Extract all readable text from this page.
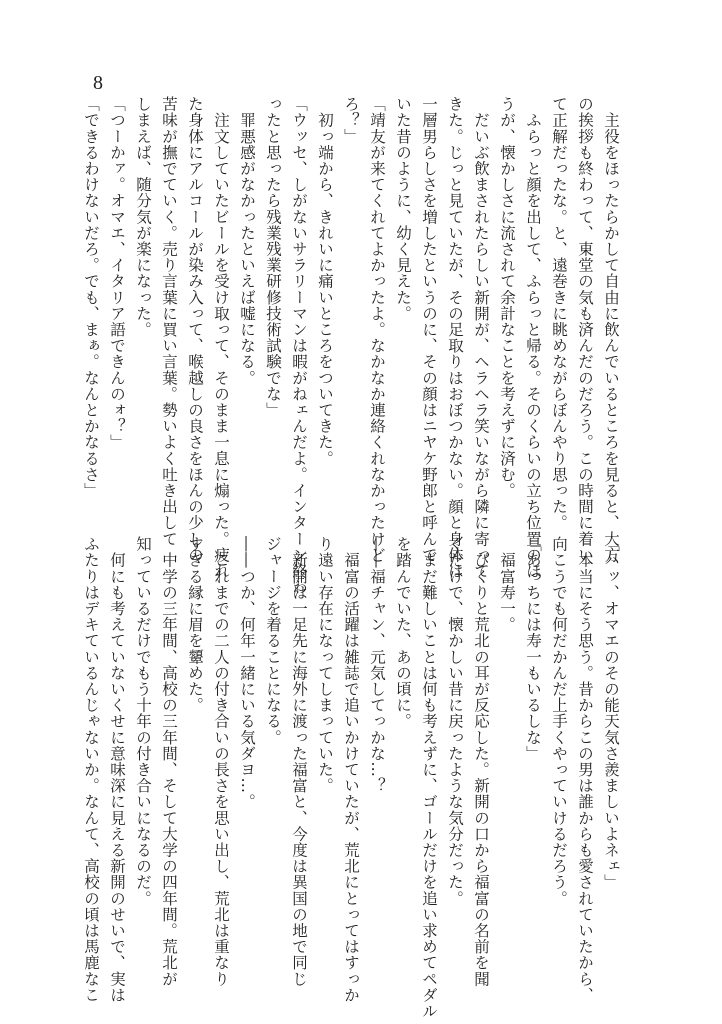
8
　主役をほったらかして自由に飲んでいるところを見ると、大方
の挨拶も終わって、東堂の気も済んだのだろう。この時間に着い
て正解だったな。と、遠巻きに眺めながらぼんやり思った。
　ふらっと顔を出して、ふらっと帰る。そのくらいの立ち位置のほ
うが、懐かしさに流されて余計なことを考えずに済む。
　だいぶ飲まされたらしい新開が、ヘラヘラ笑いながら隣に寄って
きた。じっと見ていたが、その足取りはおぼつかない。顔と身体は
一層男らしさを増したというのに、その顔はニヤケ野郎と呼んで
いた昔のように、幼く見えた。
「靖友が来てくれてよかったよ。なかなか連絡くれなかったけど
ろ？」
　初っ端から、きれいに痛いところをついてきた。
「ウッセ、しがないサラリーマンは暇がねェんだよ。インターン終わ
ったと思ったら残業残業研修技術試験でな」
　罪悪感がなかったといえば嘘になる。
　注文していたビールを受け取って、そのまま一息に煽った。疲れ
た身体にアルコールが染み入って、喉越しの良さをほんの少しの
苦味が撫でていく。売り言葉に買い言葉。勢いよく吐き出して
しまえば、随分気が楽になった。
「つーかァ。オマエ、イタリア語できんのォ？」
「できるわけないだろ。でも、まぁ。なんとかなるさ」
「ハッ、オマエのその能天気さ羨ましいよネェ」
　本当にそう思う。昔からこの男は誰からも愛されていたから、
向こうでも何だかんだ上手くやっていけるだろう。
「あっちには寿一もいるしな」
　福富寿一。
　ぴくりと荒北の耳が反応した。新開の口から福富の名前を聞
くだけで、懐かしい昔に戻ったような気分だった。
　まだ難しいことは何も考えずに、ゴールだけを追い求めてペダル
を踏んでいた、あの頃に。
――福チャン、元気してっかな…？
　福富の活躍は雑誌で追いかけていたが、荒北にとってはすっか
り遠い存在になってしまっていた。
　新開は一足先に海外に渡った福富と、今度は異国の地で同じ
ジャージを着ることになる。
――つか、何年一緒にいる気ダヨ…。
　これまでの二人の付き合いの長さを思い出し、荒北は重なり
すぎる縁に眉を顰めた。
　中学の三年間、高校の三年間、そして大学の四年間。荒北が
知っているだけでもう十年の付き合いになるのだ。
　何にも考えていないくせに意味深に見える新開のせいで、実は
ふたりはデキているんじゃないか。なんて、高校の頃は馬鹿なこ
